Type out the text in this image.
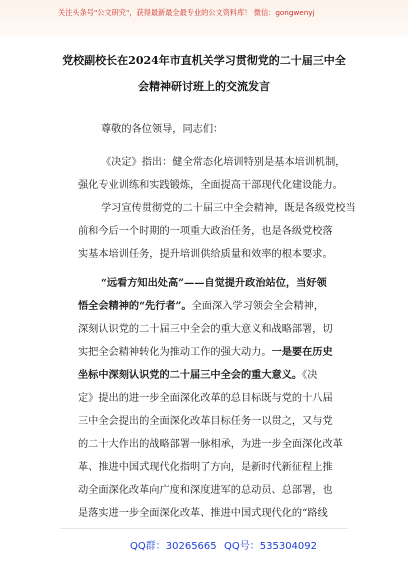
关注头条号"公文研究"，获得最新最全最专业的公文资料库！ 微信：gongwenyj
党校副校长在2024年市直机关学习贯彻党的二十届三中全
会精神研讨班上的交流发言
尊敬的各位领导，同志们：
《决定》指出：健全常态化培训特别是基本培训机制，
强化专业训练和实践锻炼，全面提高干部现代化建设能力。
学习宣传贯彻党的二十届三中全会精神，既是各级党校当
前和今后一个时期的一项重大政治任务，也是各级党校落
实基本培训任务，提升培训供给质量和效率的根本要求。
“远看方知出处高”——自觉提升政治站位，当好领
悟全会精神的“先行者”。全面深入学习领会全会精神，
深刻认识党的二十届三中全会的重大意义和战略部署，切
实把全会精神转化为推动工作的强大动力。一是要在历史
坐标中深刻认识党的二十届三中全会的重大意义。《决
定》提出的进一步全面深化改革的总目标既与党的十八届
三中全会提出的全面深化改革目标任务一以贯之，又与党
的二十大作出的战略部署一脉相承，为进一步全面深化改革
革、推进中国式现代化指明了方向，是新时代新征程上推
动全面深化改革向广度和深度进军的总动员、总部署，也
是落实进一步全面深化改革、推进中国式现代化的“路线
QQ群：30265665 QQ号：535304092
